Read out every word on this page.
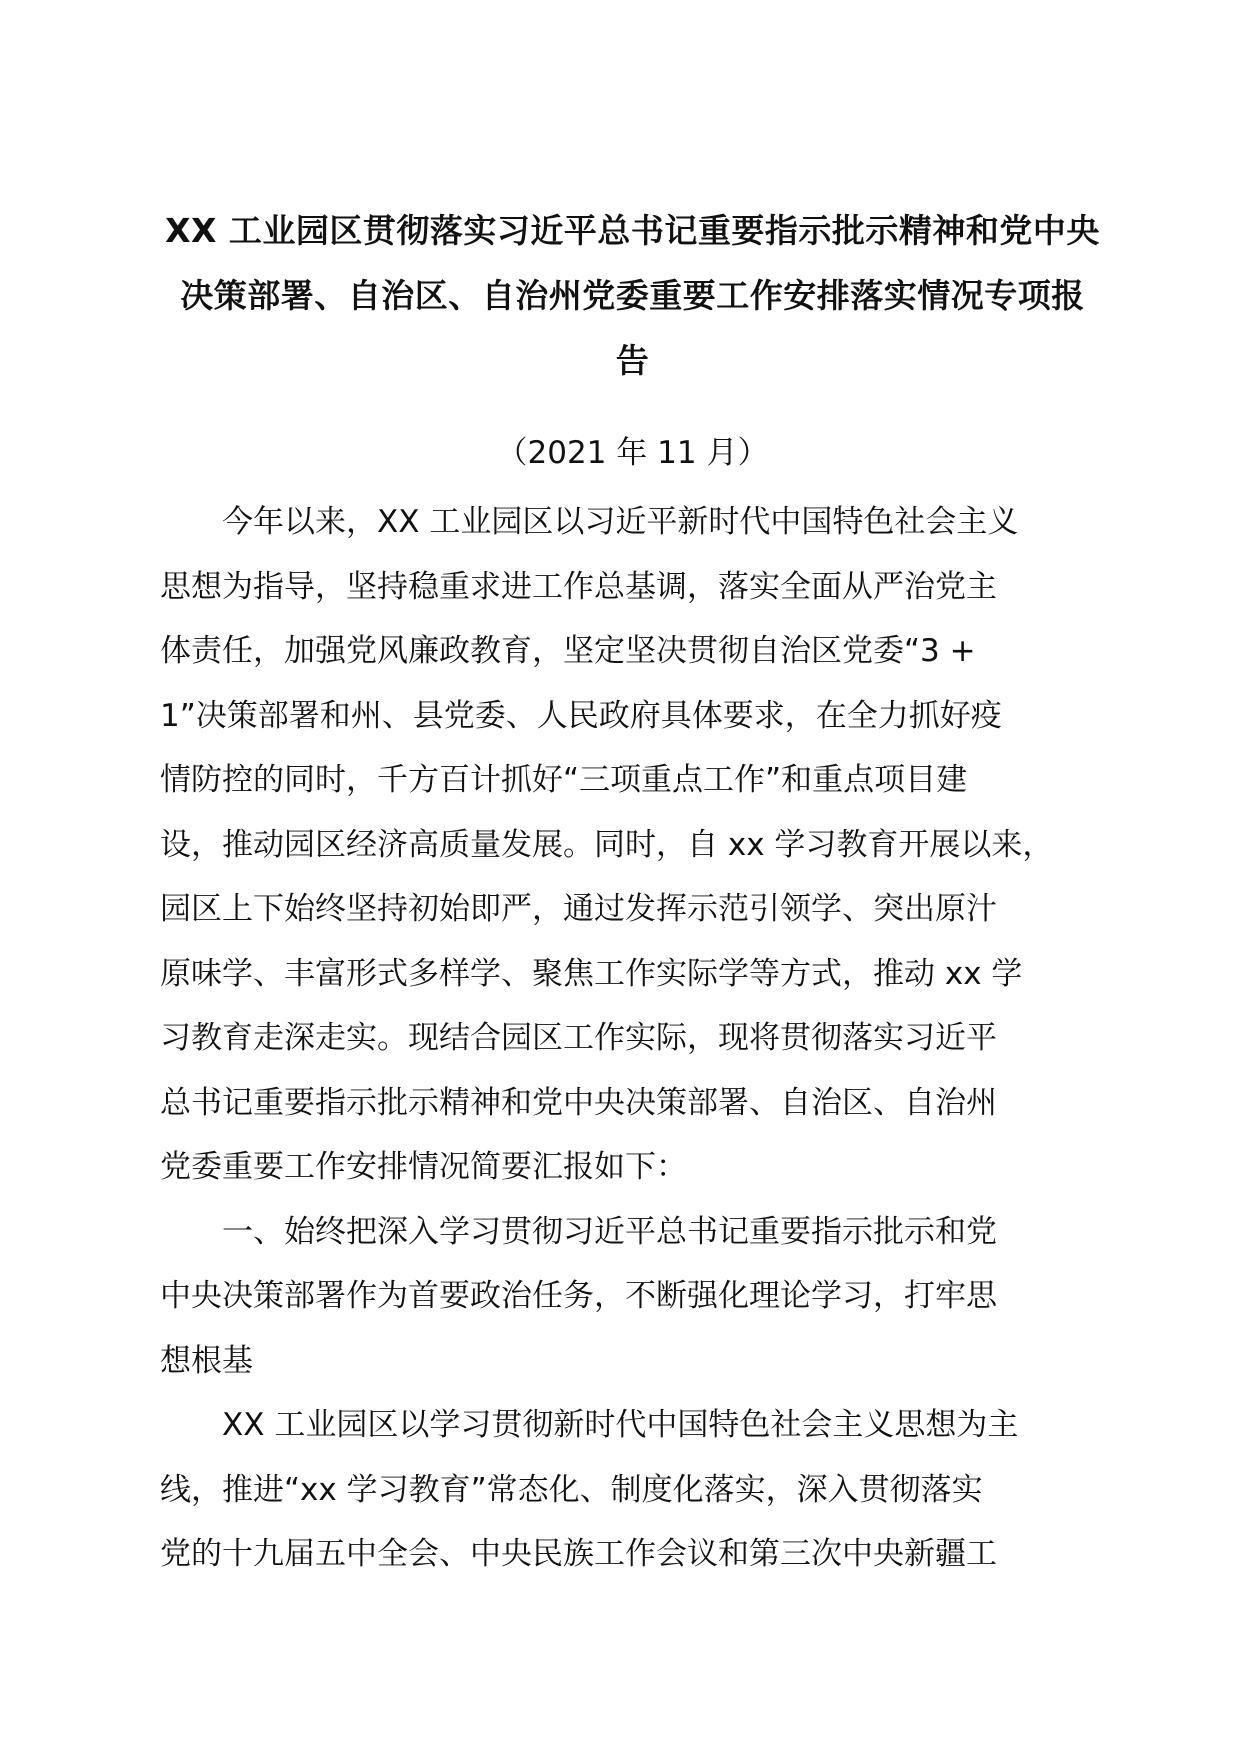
XX 工业园区贯彻落实习近平总书记重要指示批示精神和党中央
决策部署、自治区、自治州党委重要工作安排落实情况专项报
告

（2021 年 11 月）

今年以来，XX 工业园区以习近平新时代中国特色社会主义
思想为指导，坚持稳重求进工作总基调，落实全面从严治党主
体责任，加强党风廉政教育，坚定坚决贯彻自治区党委“3 +
1”决策部署和州、县党委、人民政府具体要求，在全力抓好疫
情防控的同时，千方百计抓好“三项重点工作”和重点项目建
设，推动园区经济高质量发展。同时，自 xx 学习教育开展以来，
园区上下始终坚持初始即严，通过发挥示范引领学、突出原汁
原味学、丰富形式多样学、聚焦工作实际学等方式，推动 xx 学
习教育走深走实。现结合园区工作实际，现将贯彻落实习近平
总书记重要指示批示精神和党中央决策部署、自治区、自治州
党委重要工作安排情况简要汇报如下：

一、始终把深入学习贯彻习近平总书记重要指示批示和党
中央决策部署作为首要政治任务，不断强化理论学习，打牢思
想根基

XX 工业园区以学习贯彻新时代中国特色社会主义思想为主
线，推进“xx 学习教育”常态化、制度化落实，深入贯彻落实
党的十九届五中全会、中央民族工作会议和第三次中央新疆工
